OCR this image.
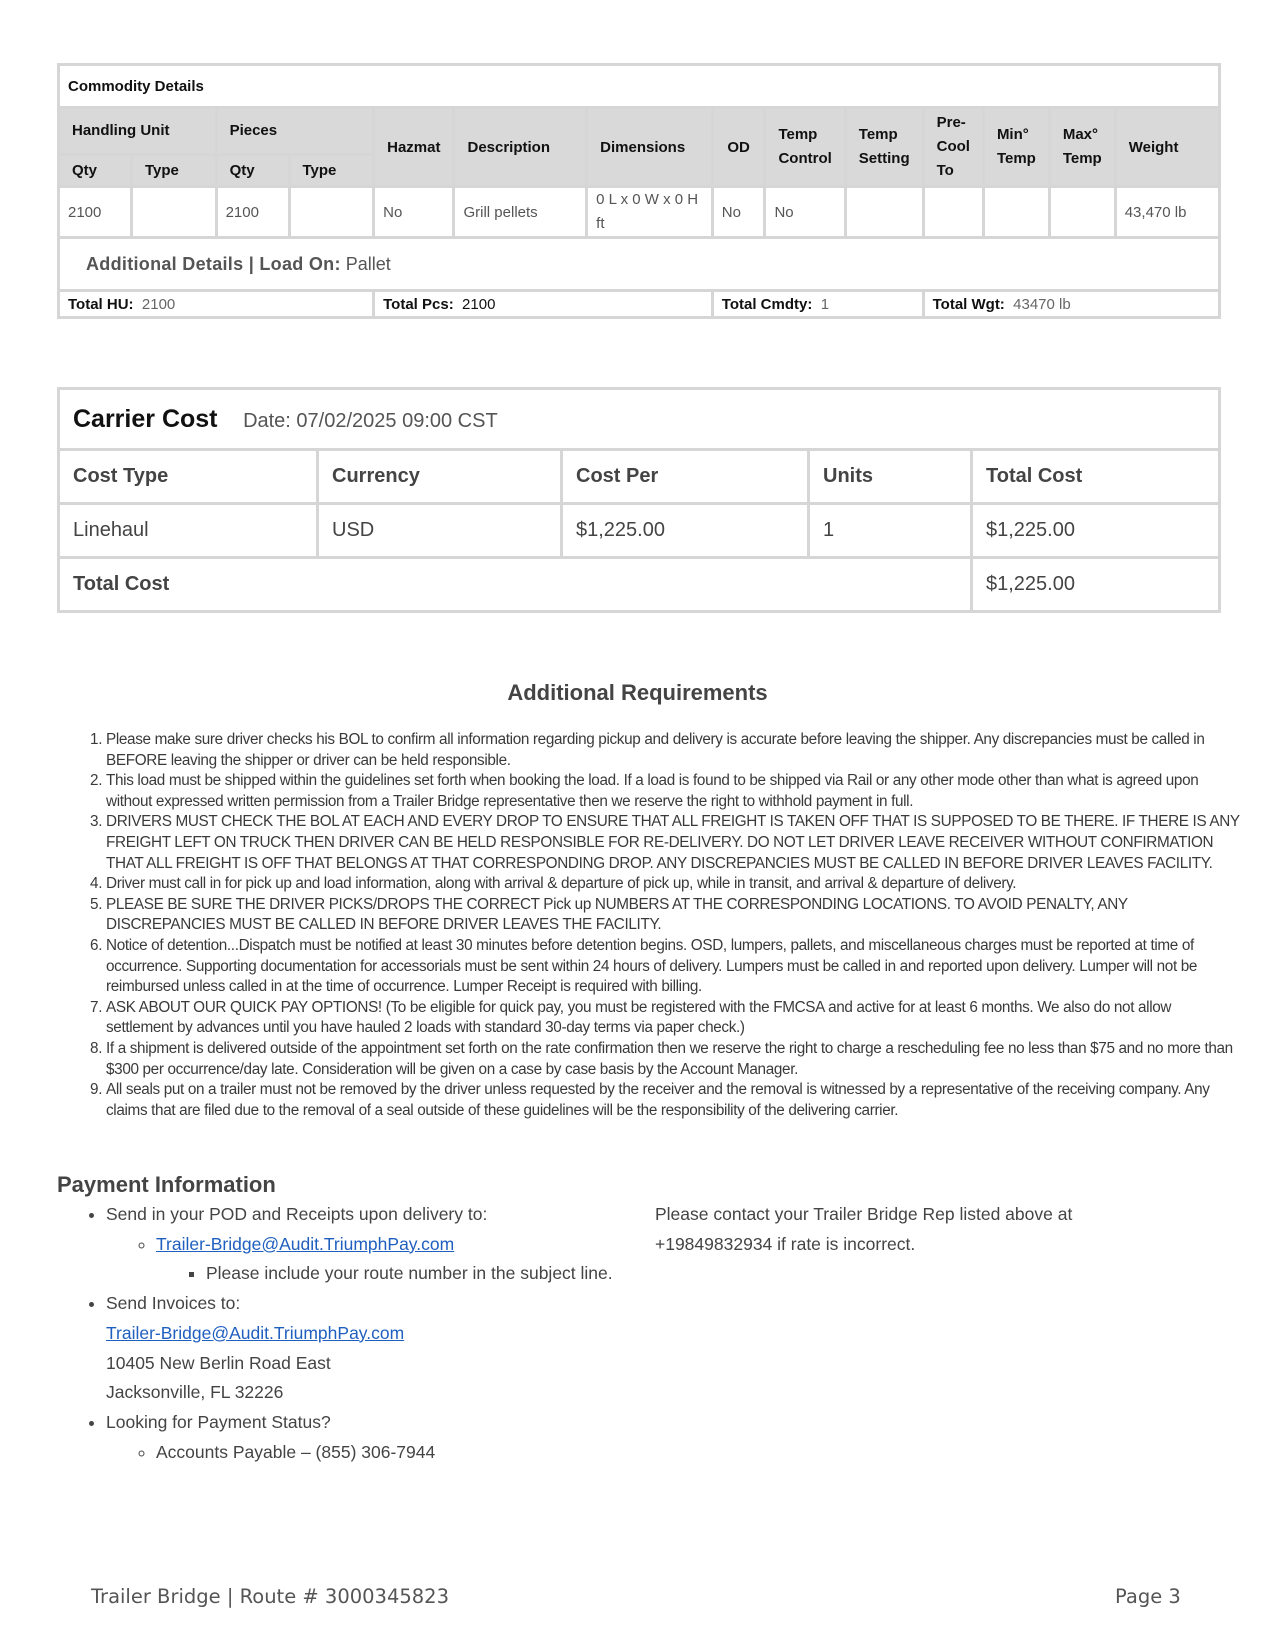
Commodity Details													
Handling Unit		Pieces		Hazmat	Description	Dimensions	OD	Temp Control	Temp Setting	Pre-Cool To	Min° Temp	Max° Temp	Weight
Qty	Type	Qty	Type										
2100		2100		No	Grill pellets	0 L x 0 W x 0 H ft	No	No					43,470 lb
Additional Details | Load On: Pallet													
Total HU: 2100				Total Pcs: 2100			Total Cmdty: 1			Total Wgt: 43470 lb			
Carrier Cost Date: 07/02/2025 09:00 CST				
Cost Type	Currency	Cost Per	Units	Total Cost
Linehaul	USD	$1,225.00	1	$1,225.00
Total Cost				$1,225.00
Additional Requirements
1. Please make sure driver checks his BOL to confirm all information regarding pickup and delivery is accurate before leaving the shipper. Any discrepancies must be called in BEFORE leaving the shipper or driver can be held responsible.
2. This load must be shipped within the guidelines set forth when booking the load. If a load is found to be shipped via Rail or any other mode other than what is agreed upon without expressed written permission from a Trailer Bridge representative then we reserve the right to withhold payment in full.
3. DRIVERS MUST CHECK THE BOL AT EACH AND EVERY DROP TO ENSURE THAT ALL FREIGHT IS TAKEN OFF THAT IS SUPPOSED TO BE THERE. IF THERE IS ANY FREIGHT LEFT ON TRUCK THEN DRIVER CAN BE HELD RESPONSIBLE FOR RE-DELIVERY. DO NOT LET DRIVER LEAVE RECEIVER WITHOUT CONFIRMATION THAT ALL FREIGHT IS OFF THAT BELONGS AT THAT CORRESPONDING DROP. ANY DISCREPANCIES MUST BE CALLED IN BEFORE DRIVER LEAVES FACILITY.
4. Driver must call in for pick up and load information, along with arrival & departure of pick up, while in transit, and arrival & departure of delivery.
5. PLEASE BE SURE THE DRIVER PICKS/DROPS THE CORRECT Pick up NUMBERS AT THE CORRESPONDING LOCATIONS. TO AVOID PENALTY, ANY DISCREPANCIES MUST BE CALLED IN BEFORE DRIVER LEAVES THE FACILITY.
6. Notice of detention...Dispatch must be notified at least 30 minutes before detention begins. OSD, lumpers, pallets, and miscellaneous charges must be reported at time of occurrence. Supporting documentation for accessorials must be sent within 24 hours of delivery. Lumpers must be called in and reported upon delivery. Lumper will not be reimbursed unless called in at the time of occurrence. Lumper Receipt is required with billing.
7. ASK ABOUT OUR QUICK PAY OPTIONS! (To be eligible for quick pay, you must be registered with the FMCSA and active for at least 6 months. We also do not allow settlement by advances until you have hauled 2 loads with standard 30-day terms via paper check.)
8. If a shipment is delivered outside of the appointment set forth on the rate confirmation then we reserve the right to charge a rescheduling fee no less than $75 and no more than $300 per occurrence/day late. Consideration will be given on a case by case basis by the Account Manager.
9. All seals put on a trailer must not be removed by the driver unless requested by the receiver and the removal is witnessed by a representative of the receiving company. Any claims that are filed due to the removal of a seal outside of these guidelines will be the responsibility of the delivering carrier.
Payment Information
• Send in your POD and Receipts upon delivery to:
◦ Trailer-Bridge@Audit.TriumphPay.com
▪ Please include your route number in the subject line.
• Send Invoices to:
Trailer-Bridge@Audit.TriumphPay.com
10405 New Berlin Road East
Jacksonville, FL 32226
• Looking for Payment Status?
◦ Accounts Payable – (855) 306-7944
Please contact your Trailer Bridge Rep listed above at +19849832934 if rate is incorrect.
Trailer Bridge | Route # 3000345823	Page 3
